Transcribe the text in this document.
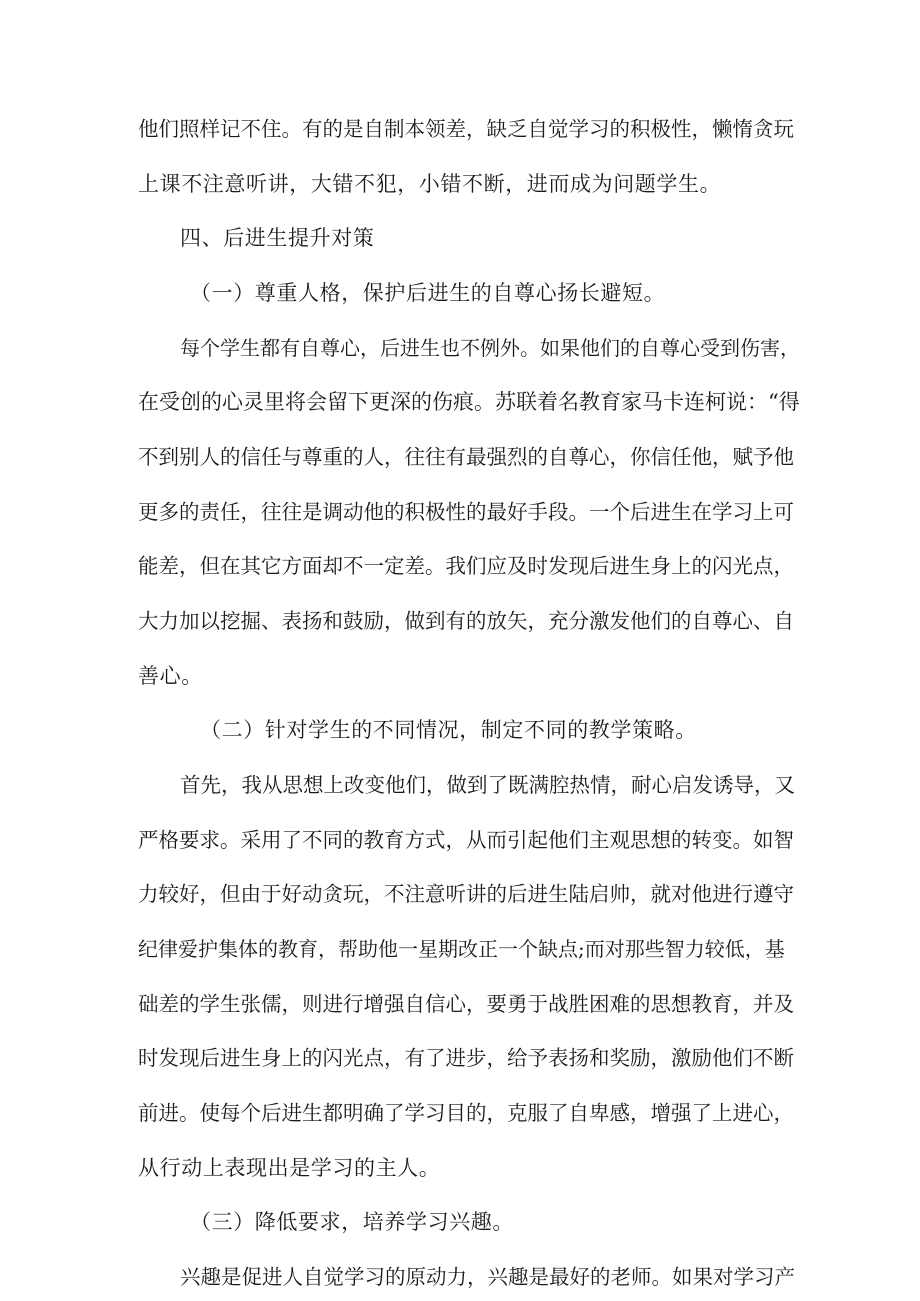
他们照样记不住。有的是自制本领差，缺乏自觉学习的积极性，懒惰贪玩
上课不注意听讲，大错不犯，小错不断，进而成为问题学生。
四、后进生提升对策
（一）尊重人格，保护后进生的自尊心扬长避短。
每个学生都有自尊心，后进生也不例外。如果他们的自尊心受到伤害，
在受创的心灵里将会留下更深的伤痕。苏联着名教育家马卡连柯说：“得
不到别人的信任与尊重的人，往往有最强烈的自尊心，你信任他，赋予他
更多的责任，往往是调动他的积极性的最好手段。一个后进生在学习上可
能差，但在其它方面却不一定差。我们应及时发现后进生身上的闪光点，
大力加以挖掘、表扬和鼓励，做到有的放矢，充分激发他们的自尊心、自
善心。
（二）针对学生的不同情况，制定不同的教学策略。
首先，我从思想上改变他们，做到了既满腔热情，耐心启发诱导，又
严格要求。采用了不同的教育方式，从而引起他们主观思想的转变。如智
力较好，但由于好动贪玩，不注意听讲的后进生陆启帅，就对他进行遵守
纪律爱护集体的教育，帮助他一星期改正一个缺点;而对那些智力较低，基
础差的学生张儒，则进行增强自信心，要勇于战胜困难的思想教育，并及
时发现后进生身上的闪光点，有了进步，给予表扬和奖励，激励他们不断
前进。使每个后进生都明确了学习目的，克服了自卑感，增强了上进心，
从行动上表现出是学习的主人。
（三）降低要求，培养学习兴趣。
兴趣是促进人自觉学习的原动力，兴趣是最好的老师。如果对学习产
